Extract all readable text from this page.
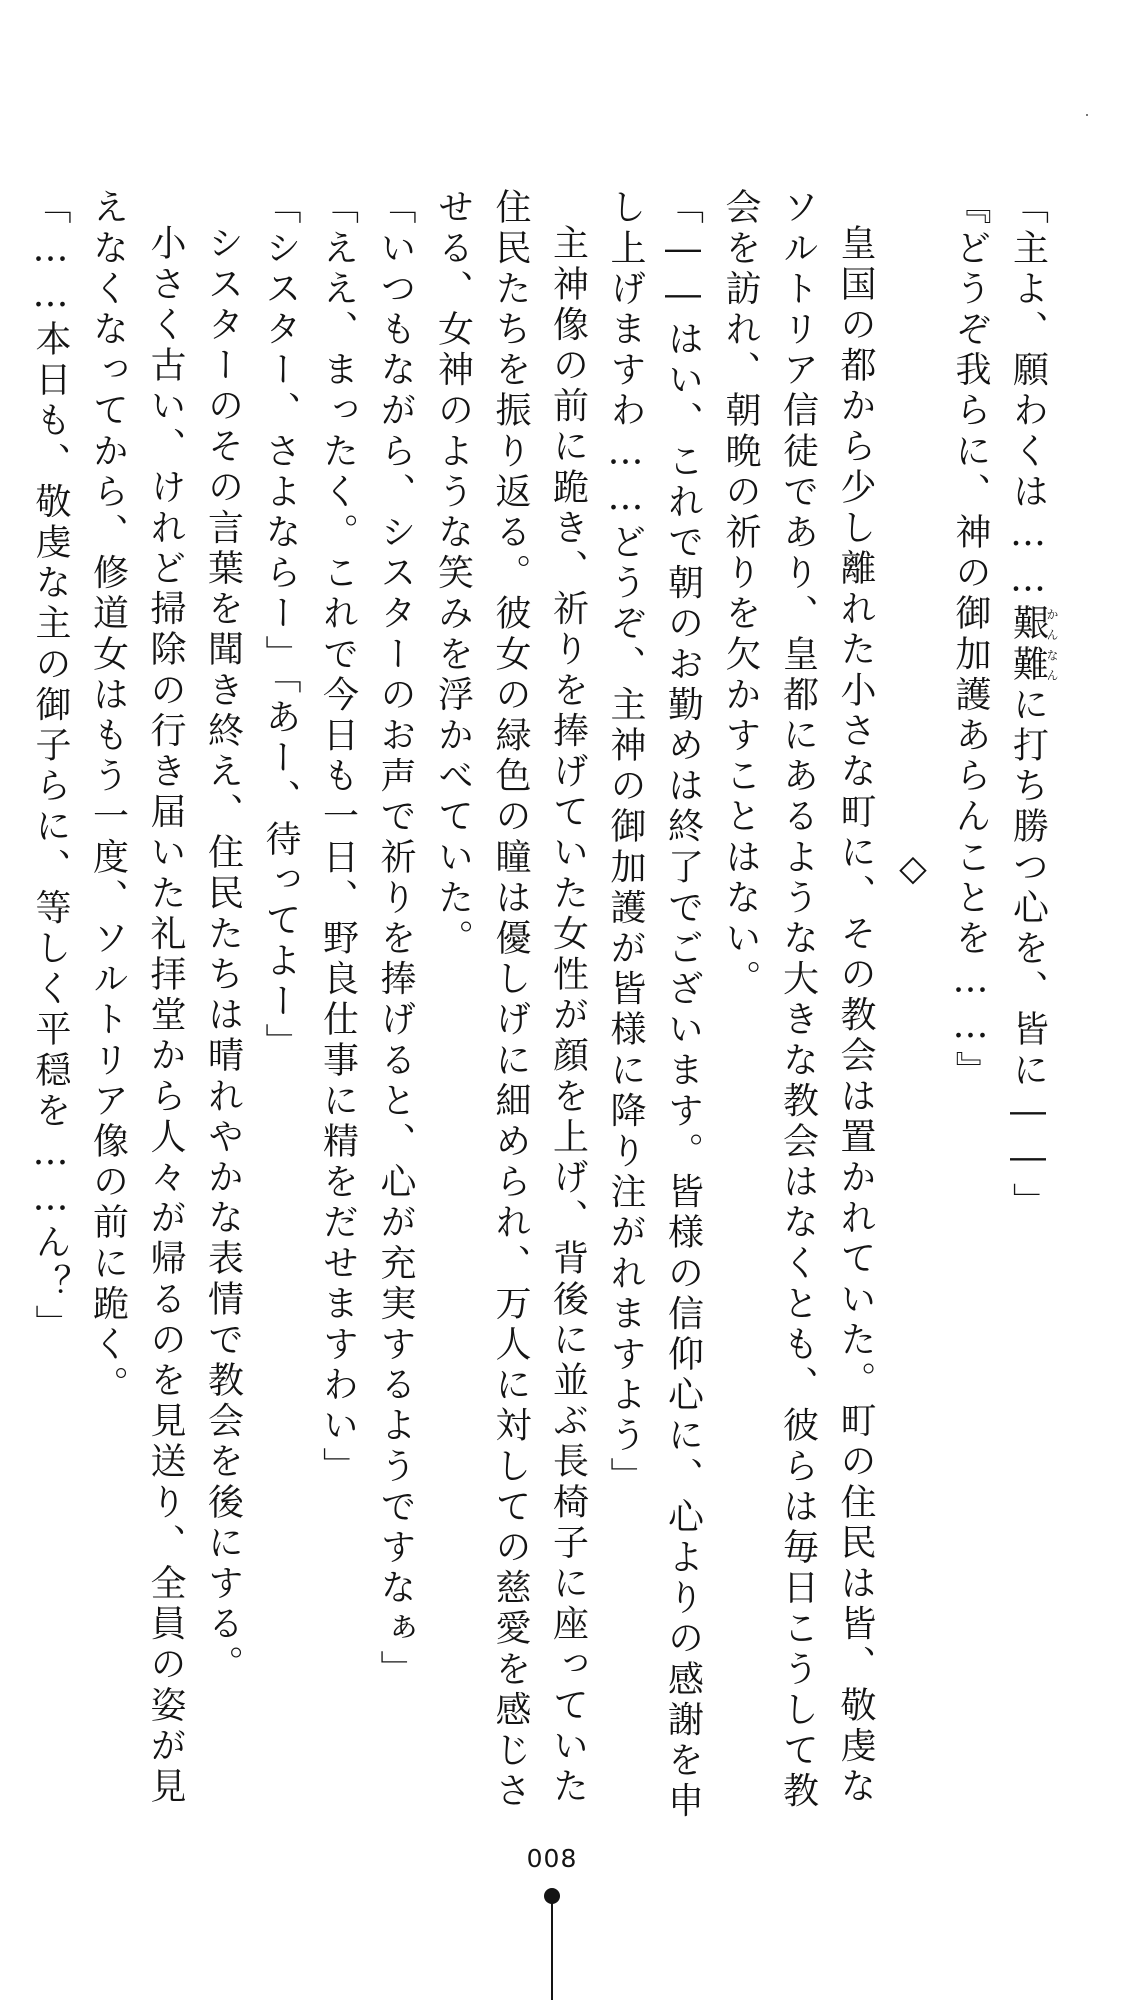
「主よ、願わくは……艱難かんなんに打ち勝つ心を、皆に――」
『どうぞ我らに、神の御加護あらんことを……』
◇
皇国の都から少し離れた小さな町に、その教会は置かれていた。町の住民は皆、敬虔な
ソルトリア信徒であり、皇都にあるような大きな教会はなくとも、彼らは毎日こうして教
会を訪れ、朝晩の祈りを欠かすことはない。
「――はい、これで朝のお勤めは終了でございます。皆様の信仰心に、心よりの感謝を申
し上げますわ……どうぞ、主神の御加護が皆様に降り注がれますよう」
主神像の前に跪き、祈りを捧げていた女性が顔を上げ、背後に並ぶ長椅子に座っていた
住民たちを振り返る。彼女の緑色の瞳は優しげに細められ、万人に対しての慈愛を感じさ
せる、女神のような笑みを浮かべていた。
「いつもながら、シスターのお声で祈りを捧げると、心が充実するようですなぁ」
「ええ、まったく。これで今日も一日、野良仕事に精をだせますわい」
「シスター、さよならー」「あー、待ってよー」
シスターのその言葉を聞き終え、住民たちは晴れやかな表情で教会を後にする。
小さく古い、けれど掃除の行き届いた礼拝堂から人々が帰るのを見送り、全員の姿が見
えなくなってから、修道女はもう一度、ソルトリア像の前に跪く。
「……本日も、敬虔な主の御子らに、等しく平穏を……ん？」
008
